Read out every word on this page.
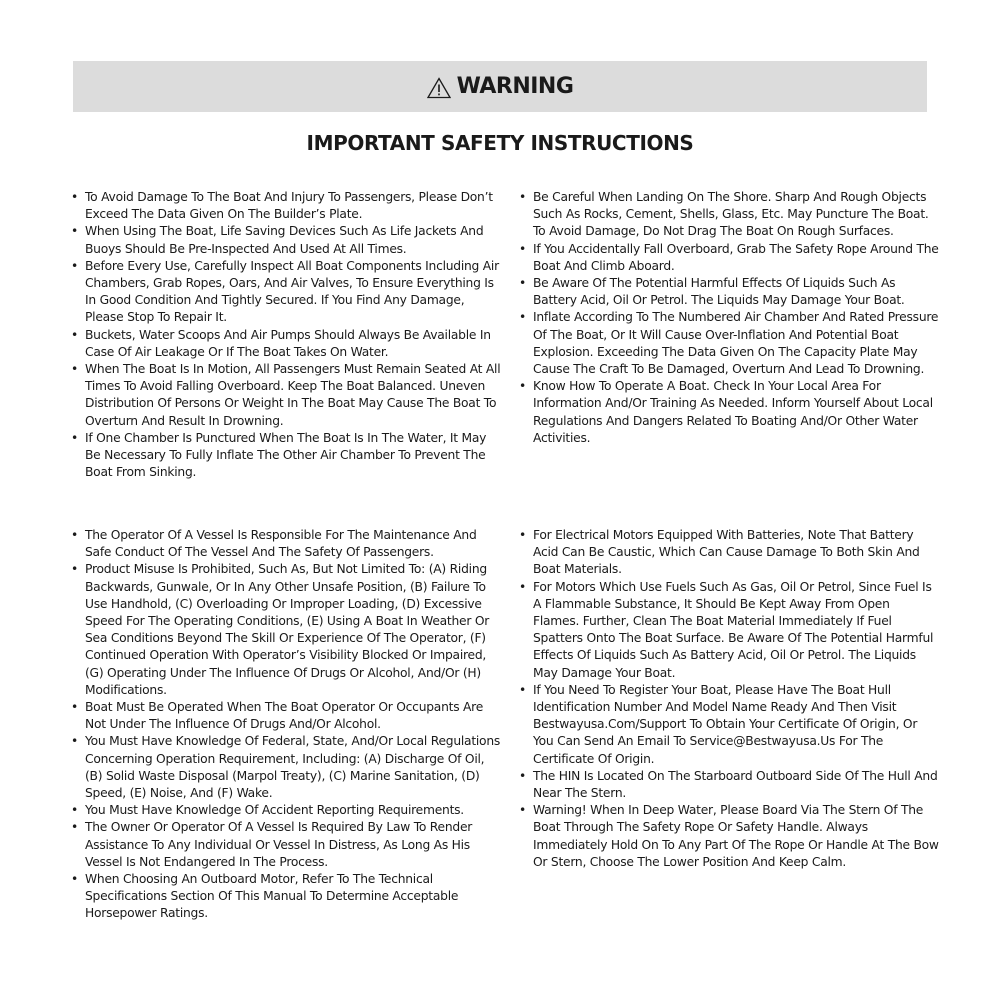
WARNING
IMPORTANT SAFETY INSTRUCTIONS
• To Avoid Damage To The Boat And Injury To Passengers, Please Don’t Exceed The Data Given On The Builder’s Plate.
• When Using The Boat, Life Saving Devices Such As Life Jackets And Buoys Should Be Pre-Inspected And Used At All Times.
• Before Every Use, Carefully Inspect All Boat Components Including Air Chambers, Grab Ropes, Oars, And Air Valves, To Ensure Everything Is In Good Condition And Tightly Secured. If You Find Any Damage, Please Stop To Repair It.
• Buckets, Water Scoops And Air Pumps Should Always Be Available In Case Of Air Leakage Or If The Boat Takes On Water.
• When The Boat Is In Motion, All Passengers Must Remain Seated At All Times To Avoid Falling Overboard. Keep The Boat Balanced. Uneven Distribution Of Persons Or Weight In The Boat May Cause The Boat To Overturn And Result In Drowning.
• If One Chamber Is Punctured When The Boat Is In The Water, It May Be Necessary To Fully Inflate The Other Air Chamber To Prevent The Boat From Sinking.
• Be Careful When Landing On The Shore. Sharp And Rough Objects Such As Rocks, Cement, Shells, Glass, Etc. May Puncture The Boat. To Avoid Damage, Do Not Drag The Boat On Rough Surfaces.
• If You Accidentally Fall Overboard, Grab The Safety Rope Around The Boat And Climb Aboard.
• Be Aware Of The Potential Harmful Effects Of Liquids Such As Battery Acid, Oil Or Petrol. The Liquids May Damage Your Boat.
• Inflate According To The Numbered Air Chamber And Rated Pressure Of The Boat, Or It Will Cause Over-Inflation And Potential Boat Explosion. Exceeding The Data Given On The Capacity Plate May Cause The Craft To Be Damaged, Overturn And Lead To Drowning.
• Know How To Operate A Boat. Check In Your Local Area For Information And/Or Training As Needed. Inform Yourself About Local Regulations And Dangers Related To Boating And/Or Other Water Activities.
• The Operator Of A Vessel Is Responsible For The Maintenance And Safe Conduct Of The Vessel And The Safety Of Passengers.
• Product Misuse Is Prohibited, Such As, But Not Limited To: (A) Riding Backwards, Gunwale, Or In Any Other Unsafe Position, (B) Failure To Use Handhold, (C) Overloading Or Improper Loading, (D) Excessive Speed For The Operating Conditions, (E) Using A Boat In Weather Or Sea Conditions Beyond The Skill Or Experience Of The Operator, (F) Continued Operation With Operator’s Visibility Blocked Or Impaired, (G) Operating Under The Influence Of Drugs Or Alcohol, And/Or (H) Modifications.
• Boat Must Be Operated When The Boat Operator Or Occupants Are Not Under The Influence Of Drugs And/Or Alcohol.
• You Must Have Knowledge Of Federal, State, And/Or Local Regulations Concerning Operation Requirement, Including: (A) Discharge Of Oil, (B) Solid Waste Disposal (Marpol Treaty), (C) Marine Sanitation, (D) Speed, (E) Noise, And (F) Wake.
• You Must Have Knowledge Of Accident Reporting Requirements.
• The Owner Or Operator Of A Vessel Is Required By Law To Render Assistance To Any Individual Or Vessel In Distress, As Long As His Vessel Is Not Endangered In The Process.
• When Choosing An Outboard Motor, Refer To The Technical Specifications Section Of This Manual To Determine Acceptable Horsepower Ratings.
• For Electrical Motors Equipped With Batteries, Note That Battery Acid Can Be Caustic, Which Can Cause Damage To Both Skin And Boat Materials.
• For Motors Which Use Fuels Such As Gas, Oil Or Petrol, Since Fuel Is A Flammable Substance, It Should Be Kept Away From Open Flames. Further, Clean The Boat Material Immediately If Fuel Spatters Onto The Boat Surface. Be Aware Of The Potential Harmful Effects Of Liquids Such As Battery Acid, Oil Or Petrol. The Liquids May Damage Your Boat.
• If You Need To Register Your Boat, Please Have The Boat Hull Identification Number And Model Name Ready And Then Visit Bestwayusa.Com/Support To Obtain Your Certificate Of Origin, Or You Can Send An Email To Service@Bestwayusa.Us For The Certificate Of Origin.
• The HIN Is Located On The Starboard Outboard Side Of The Hull And Near The Stern.
• Warning! When In Deep Water, Please Board Via The Stern Of The Boat Through The Safety Rope Or Safety Handle. Always Immediately Hold On To Any Part Of The Rope Or Handle At The Bow Or Stern, Choose The Lower Position And Keep Calm.
